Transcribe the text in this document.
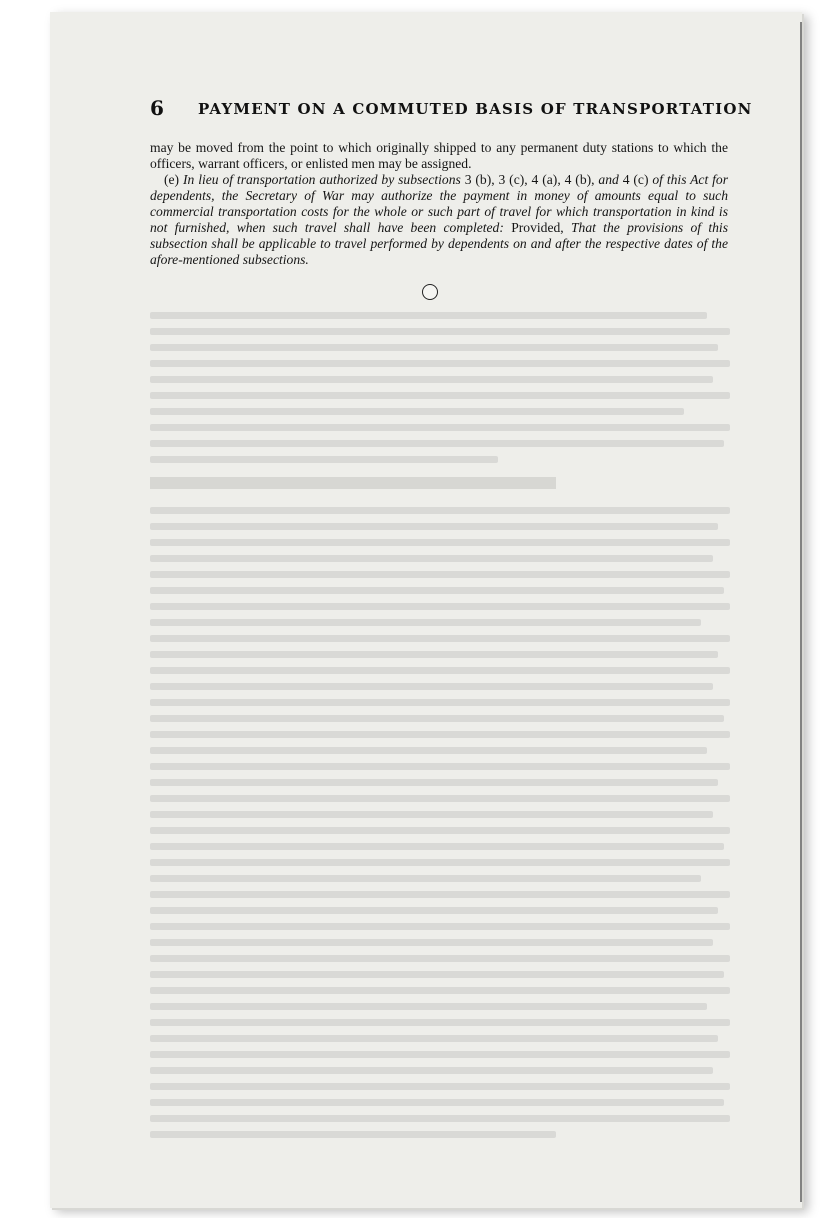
6 PAYMENT ON A COMMUTED BASIS OF TRANSPORTATION

may be moved from the point to which originally shipped to any permanent duty stations to which the officers, warrant officers, or enlisted men may be assigned.

(e) In lieu of transportation authorized by subsections 3 (b), 3 (c), 4 (a), 4 (b), and 4 (c) of this Act for dependents, the Secretary of War may authorize the payment in money of amounts equal to such commercial transportation costs for the whole or such part of travel for which transportation in kind is not furnished, when such travel shall have been completed: Provided, That the provisions of this subsection shall be applicable to travel performed by dependents on and after the respective dates of the afore-mentioned subsections.
